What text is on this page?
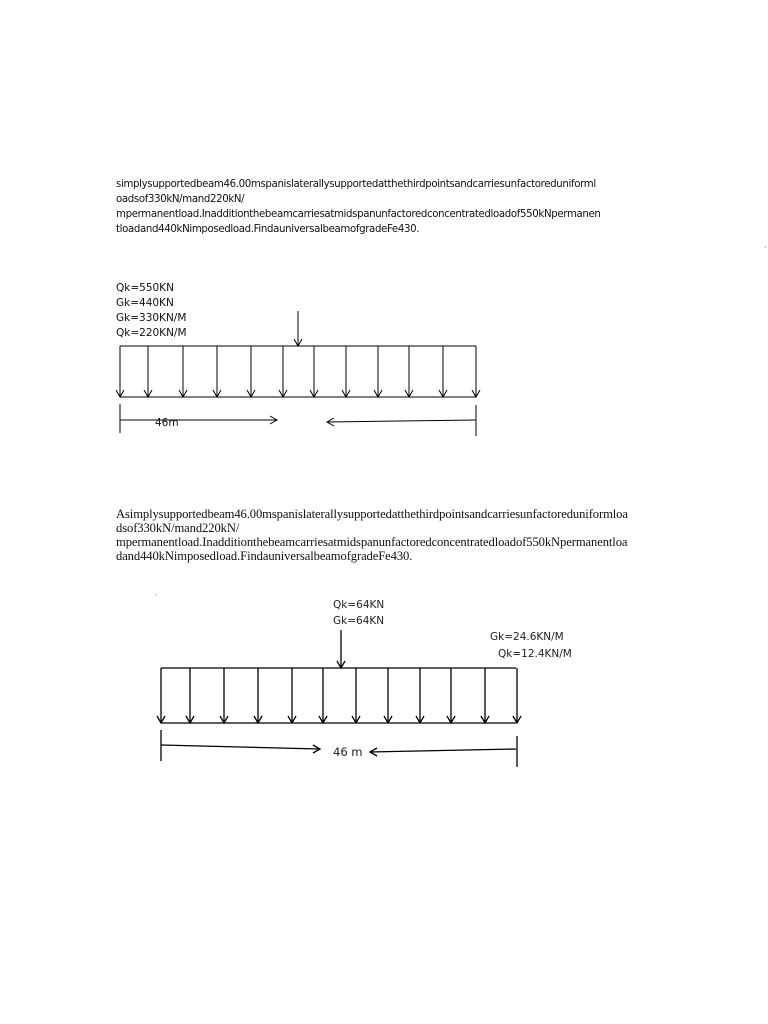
simplysupportedbeam46.00mspanislaterallysupportedatthethirdpointsandcarriesunfactoreduniforml
oadsof330kN/mand220kN/
mpermanentload.Inadditionthebeamcarriesatmidspanunfactoredconcentratedloadof550kNpermanen
tloadand440kNimposedload.FindauniversalbeamofgradeFe430.
Qk=550KN
Gk=440KN
Gk=330KN/M
Qk=220KN/M
46m
Asimplysupportedbeam46.00mspanislaterallysupportedatthethirdpointsandcarriesunfactoreduniformloa
dsof330kN/mand220kN/
mpermanentload.Inadditionthebeamcarriesatmidspanunfactoredconcentratedloadof550kNpermanentloa
dand440kNimposedload.FindauniversalbeamofgradeFe430.
Qk=64KN
Gk=64KN
Gk=24.6KN/M
Qk=12.4KN/M
46 m
,
,
